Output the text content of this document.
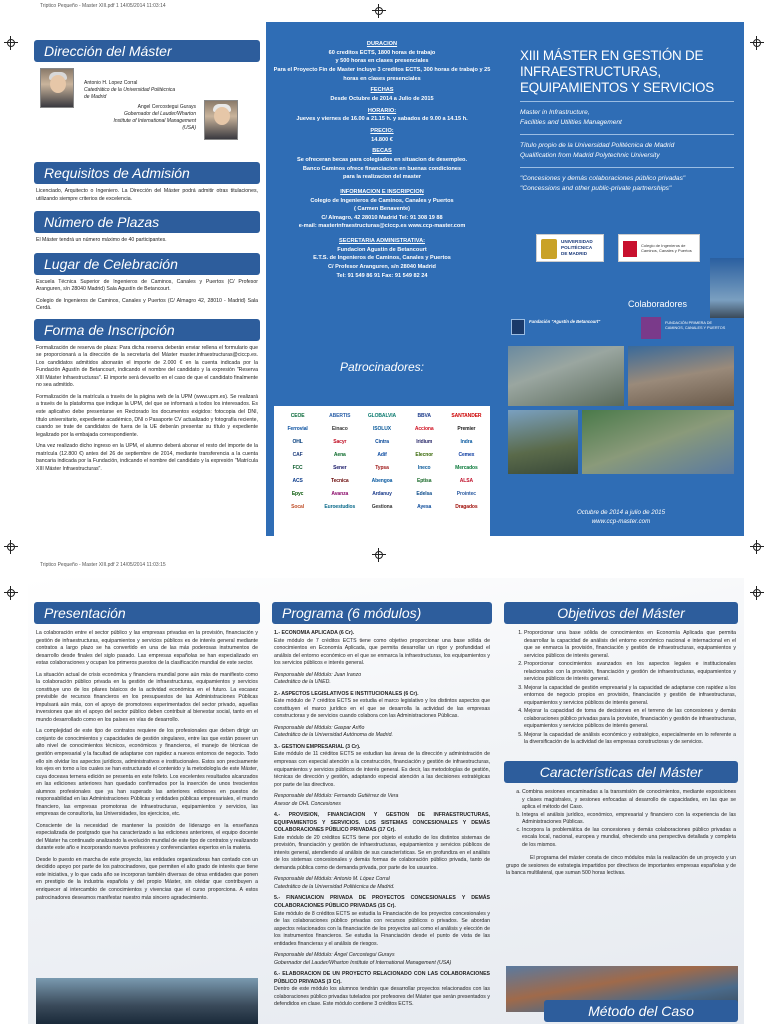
Triptico Pequeño - Master XIII.pdf 1 14/05/2014 11:03:14
Dirección del Máster
Antonio H. Lopez Corral
Catedrático de la Universidad Politécnica
de Madrid
Angel Cercostegui Gurays
Gobernador del Lauder/Wharton
Institute of International Management
(USA)
Requisitos de Admisión
Licenciado, Arquitecto o Ingeniero. La Dirección del Máster podrá admitir otras titulaciones, utilizando siempre criterios de excelencia.
Número de Plazas
El Máster tendrá un número máximo de 40 participantes.
Lugar de Celebración

Escuela Técnica Superior de Ingenieros de Caminos, Canales y Puertos (C/ Profesor Aranguren, s/n 28040 Madrid) Sala Agustín de Betancourt.

Colegio de Ingenieros de Caminos, Canales y Puertos (C/ Almagro 42, 28010 - Madrid) Sala Cerdá.

Forma de Inscripción

Formalización de reserva de plaza: Para dicha reserva deberán enviar rellena el formulario que se proporcionará a la dirección de la secretaría del Máster master.infraestructuras@ciccp.es. Los candidatos admitidos abonarán el importe de 2.000 € en la cuenta indicada por la Fundación Agustín de Betancourt, indicando el nombre del candidato y la expresión "Reserva XIII Máster Infraestructuras". El importe será devuelto en el caso de que el candidato finalmente no sea admitido.

Formalización de la matrícula a través de la página web de la UPM (www.upm.es). Se realizará a través de la plataforma que indique la UPM, del que se informará a todos los interesados. Es este aplicativo debe presentarse en Rectorado los documentos exigidos: fotocopia del DNI, título universitario, expediente académico, DNI o Pasaporte CV actualizado y fotografía reciente, cuando se trate de candidatos de fuera de la UE deberán presentar su título y expediente legalizado por la embajada correspondiente.

Una vez realizado dicho ingreso en la UPM, el alumno deberá abonar el resto del importe de la matrícula (12.800 €) antes del 26 de septiembre de 2014, mediante transferencia a la cuenta bancaria indicada por la Fundación, indicando el nombre del candidato y la expresión "Matrícula XIII Máster Infraestructuras".

DURACION
60 creditos ECTS, 1800 horas de trabajo
y 500 horas en clases presenciales
Para el Proyecto Fin de Master incluye 3 creditos ECTS, 300 horas de trabajo y 25 horas en clases presenciales
FECHAS
Desde Octubre de 2014 a Julio de 2015
HORARIO:
Jueves y viernes de 16.00 a 21.15 h. y sabados de 9.00 a 14.15 h.
PRECIO:
14.800 €
BECAS
Se ofreceran becas para colegiados en situacion de desempleo.
Banco Caminos ofrece financiacion en buenas condiciones
para la realizacion del master
INFORMACION E INSCRIPCION
Colegio de Ingenieros de Caminos, Canales y Puertos
( Carmen Benavente)
C/ Almagro, 42 28010 Madrid Tel: 91 308 19 88
e-mail: masterinfraestructuras@ciccp.es www.ccp-master.com
SECRETARIA ADMINISTRATIVA:
Fundacion Agustin de Betancourt
E.T.S. de Ingenieros de Caminos, Canales y Puertos
C/ Profesor Aranguren, s/n 28040 Madrid
Tel: 91 549 86 91 Fax: 91 549 82 24
Patrocinadores:
CEOE	ABERTIS	GLOBALVIA	BBVA	SANTANDER
Ferrovial	Einaco	ISOLUX	Acciona	Premier
OHL	Sacyr	Cintra	Iridium	Indra
CAF	Aena	Adif	Elecnor	Cemex
FCC	Sener	Typsa	Inecо	Mercados
ACS	Tecnica	Abengoa	Eptisa	ALSA
Epyc	Avanza	Ardanuy	Edelsa	Prointec
Socal	Euroestudios	Gestiona	Ayesa	Dragados
XIII MÁSTER EN GESTIÓN DE
INFRAESTRUCTURAS,
EQUIPAMIENTOS Y SERVICIOS
Master in Infrastructure,
Facilities and Utilities Management
Título propio de la Universidad Politécnica de Madrid
Qualification from Madrid Polytechnic University
"Concesiones y demás colaboraciones público privadas"
"Concessions and other public-private partnerships"
UNIVERSIDAD
POLITÉCNICA
DE MADRID
Colegio de Ingenieros de Caminos, Canales y Puertos
Colaboradores
Fundación "Agustín de Betancourt"	FUNDACIÓN PRIMERA DE CAMINOS, CANALES Y PUERTOS
Octubre de 2014 a julio de 2015
www.ccp-master.com
Triptico Pequeño - Master XIII.pdf 2 14/05/2014 11:03:15
Presentación

La colaboración entre el sector público y las empresas privadas en la provisión, financiación y gestión de infraestructuras, equipamientos y servicios públicos es de interés general mediante contratos a largo plazo se ha convertido en una de las más poderosas instrumentos de desarrollo desde finales del siglo pasado. Las empresas españolas se han especializado en estas colaboraciones y ocupan los primeros puestos de la clasificación mundial de este sector.

La situación actual de crisis económica y financiera mundial pone aún más de manifiesto como la colaboración público privada en la gestión de infraestructuras, equipamientos y servicios constituye uno de los pilares básicos de la actividad económica en el futuro. La escasez previsible de recursos financieros en los presupuestos de las Administraciones Públicas impulsará aún más, con el apoyo de promotores experimentados del sector privado, aquellas inversiones que sin el apoyo del sector público deben contribuir al bienestar social, tanto en el mundo desarrollado como en los países en vías de desarrollo.

La complejidad de este tipo de contratos requiere de los profesionales que deben dirigir un conjunto de conocimientos y capacidades de gestión singulares, entre las que están poseer un alto nivel de conocimientos técnicos, económicos y financieros, el manejo de técnicas de gestión empresarial y la facultad de adaptarse con rapidez a nuevos entornos de negocio. Todo ello sin olvidar los aspectos jurídicos, administrativos e institucionales. Estos son precisamente los ejes en torno a los cuales se han estructurado el contenido y la metodología de este Máster, cuya doceava ternera edición se presenta en este folleto. Los excelentes resultados alcanzados en las ediciones anteriores han quedado confirmados por la inserción de unos trescientos alumnos profesionales que ya han superado las anteriores ediciones en puestos de responsabilidad en las Administraciones Públicas y entidades públicas empresariales, el mundo financiero, las empresas promotoras de infraestructuras, equipamientos y servicios, las empresas de consultoría, las Universidades, los ejercicios, etc.

Consciente de la necesidad de mantener la posición de liderazgo en la enseñanza especializada de postgrado que ha caracterizado a las ediciones anteriores, el equipo docente del Máster ha continuado analizando la evolución mundial de este tipo de contratos y realizando durante este año e incorporando nuevos profesores y conferenciantes expertos en la materia.

Desde lo puesto en marcha de este proyecto, las entidades organizadoras han contado con un decidido apoyo por parte de los patrocinadores, que permiten el alto grado de interés que tiene este iniciativa, y lo que cada año se incorporan también diversas de otras entidades que ponen en prestigio de la industria española y del propio Máster, sin olvidar que contribuyen a enriquecer al intercambio de conocimientos y vivencias que el curso proporciona. A estos patrocinadores deseamos manifestar nuestro más sincero agradecimiento.

Programa (6 módulos)
1.- ECONOMIA APLICADA (6 Cr).

Este módulo de 7 créditos ECTS tiene como objetivo proporcionar una base sólida de conocimientos en Economía Aplicada, que permita desarrollar un rigor y profundidad el análisis del entorno económico en el que se enmarca la infraestructuras, los equipamientos y los servicios públicos e interés general.

Responsable del Módulo: Juan Iranzo

Catedrático de la UNED.

2.- ASPECTOS LEGISLATIVOS E INSTITUCIONALES (6 Cr).

Este módulo de 7 créditos ECTS se estudia el marco legislativo y los distintos aspectos que constituyen el marco jurídico en el que se desarrolla la actividad de las empresas constructoras y de servicios cuando colabora con las Administraciones Públicas.

Responsable del Módulo: Gaspar Ariño

Catedrático de la Universidad Autónoma de Madrid.

3.- GESTION EMPRESARIAL (3 Cr).

Este módulo de 11 créditos ECTS se estudian las áreas de la dirección y administración de empresas con especial atención a la construcción, financiación y gestión de infraestructuras, equipamientos y servicios públicos de interés general. Es decir, las metodologías de gestión, técnicas de dirección y gestión, adaptando especial atención a las decisiones estratégicas por parte de las directivos.

Responsable del Módulo: Fernando Gutiérrez de Vera

Asesor de OHL Concesiones

4.- PROVISION, FINANCIACION Y GESTION DE INFRAESTRUCTURAS, EQUIPAMIENTOS Y SERVICIOS. LOS SISTEMAS CONCESIONALES Y DEMÁS COLABORACIONES PÚBLICO PRIVADAS (17 Cr).

Este módulo de 20 créditos ECTS tiene por objeto el estudio de los distintos sistemas de provisión, financiación y gestión de infraestructuras, equipamientos y servicios públicos de interés general, atendiendo al análisis de sus características. Se en profundiza en el análisis de los sistemas concesionales y demás formas de colaboración público privada, tanto de demanda pública como de demanda privada, por parte de los usuarios.

Responsable del Módulo: Antonio M. López Corral

Catedrático de la Universidad Politécnica de Madrid.

5.- FINANCIACION PRIVADA DE PROYECTOS CONCESIONALES Y DEMÁS COLABORACIONES PÚBLICO PRIVADAS (15 Cr).

Este módulo de 8 créditos ECTS se estudia la Financiación de los proyectos concesionales y de las colaboraciones público privadas con recursos públicos o privados. Se abordan aspectos relacionados con la financiación de los proyectos así como el análisis y elección de los instrumentos financieros. Se estudia la Financiación desde el punto de vista de las entidades financieras y el análisis de riesgos.

Responsable del Módulo: Ángel Cercostegui Gurays

Gobernador del Lauder/Wharton Institute of International Management (USA)

6.- ELABORACION DE UN PROYECTO RELACIONADO CON LAS COLABORACIONES PÚBLICO PRIVADAS (3 Cr).

Dentro de este módulo los alumnos tendrán que desarrollar proyectos relacionados con las colaboraciones público privadas tutelados por profesores del Máster que serán presentados y defendidos en clase. Este módulo contiene 3 créditos ECTS.

Objetivos del Máster
1. Proporcionar una base sólida de conocimientos en Economía Aplicada que permita desarrollar la capacidad de análisis del entorno económico nacional e internacional en el que se enmarca la provisión, financiación y gestión de infraestructuras, equipamientos y servicios públicos de interés general.
2. Proporcionar conocimientos avanzados en los aspectos legales e institucionales relacionados con la provisión, financiación y gestión de infraestructuras, equipamientos y servicios públicos de interés general.
3. Mejorar la capacidad de gestión empresarial y la capacidad de adaptarse con rapidez a los entornos de negocio propios en provisión, financiación y gestión de infraestructuras, equipamientos y servicios públicos de interés general.
4. Mejorar la capacidad de toma de decisiones en el terreno de las concesiones y demás colaboraciones público privadas para la provisión, financiación y gestión de infraestructuras, equipamientos y servicios públicos de interés general.
5. Mejorar la capacidad de análisis económico y estratégico, especialmente en lo referente a la diversificación de la actividad de las empresas constructoras y de servicios.
Características del Máster
a. Combina sesiones encaminadas a la transmisión de conocimientos, mediante exposiciones y clases magistrales, y sesiones enfocadas al desarrollo de capacidades, en las que se aplica el método del Caso.
b. Integra el análisis jurídico, económico, empresarial y financiero con la experiencia de las Administraciones Públicas.
c. Incorpora la problemática de las concesiones y demás colaboraciones público privadas a escala local, nacional, europea y mundial, ofreciendo una perspectiva detallada y completa de los mismos.

El programa del máster consta de cinco módulos más la realización de un proyecto y un grupo de sesiones de estrategia impartidos por directivos de importantes empresas españolas y de la banca multilateral, que suman 500 horas lectivas.

Método del Caso
